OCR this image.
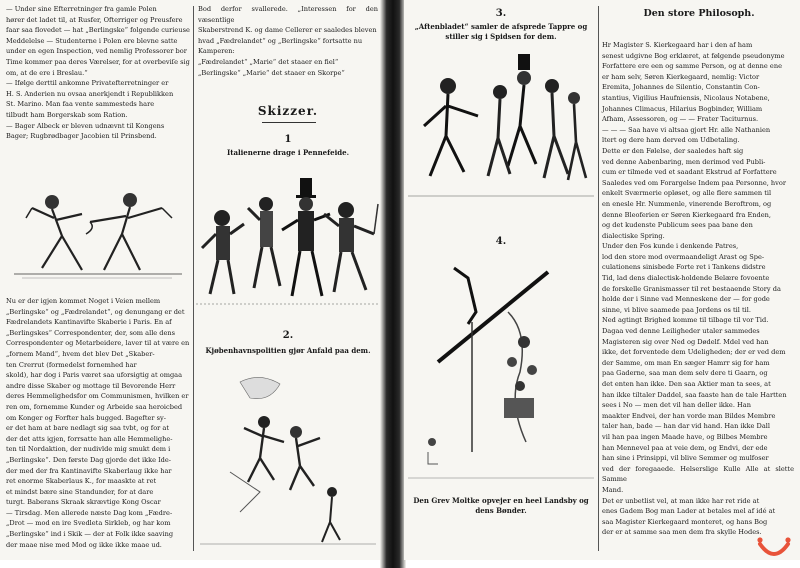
— Under sine Efterretninger fra gamle Polen

hører det ladet til, at Rusfer, Ofterriger og Preusfere

faar saa flovedet — hat „Berlingske“ folgende curieuse

Meddelelse — Studenterne i Polen ere blevne satte

under en egen Inspection, ved nemlig Professorer bor

Time kommer paa deres Værelser, for at overbeviſe sig

om, at de ere i Breslau.“

— Ifølge derttil ankomne Privatefterretninger er

H. S. Anderien nu ovsaa anerkjendt i Republikken

St. Marino. Man faa vente sammesteds hare

tilbudt ham Borgerskab som Ration.

— Bager Albeck er bleven udnævnt til Kongens

Bager; Rugbrødbager Jacobien til Prinsbend.

Nu er der igjen kommet Noget i Veien mellem

„Berlingske“ og „Fædrelandet“, og denungang er det

Fædrelandets Kantinavifte Skaberie i Paris. En af

„Berlingskes“ Correspondenter, der, som alle dens

Correspondenter og Metarbeidere, laver til at være en

„fornem Mand“, hvem det blev Det „Skaber-

ten Crerrut (formedelst fornemhed har

skold), har dog i Paris været saa uforsigtig at omgaa

andre disse Skaber og mottage til Bevorende Herr

deres Hemmelighedsfor om Communismen, hvilken er

ren om, fornemme Kunder og Arbeide saa heroicbed

om Konger og Forfter hals bugged. Bagefter sy-

er det ham at bare nedlagt sig saa tvbt, og for at

der det atts igjen, forrsatte han alle Hemmelighe-

ten til Nordaktion, der nudivlde mig smukt dem i

„Berlingske“. Den første Dag gjorde det ikke Ide-

der med der fra Kantinavifte Skaberlaug ikke har

ret enorme Skaberlaus K., for maaskte at ret

et mindst bære sine Standunder, for at dare

turgt. Baberans Skraak skrævtige Kong Oscar

— Tirsdag. Men allerede næste Dag kom „Fædre-

„Drot — mod en ire Svedleta Sirkleb, og har kom

„Berlingske“ ind i Skik — der at Folk ikke saaving

der maae nise med Mod og ikke ikke maae ud.

Bod derfor svallerede. „Interessen for den væsentlige

Skaberstrend K. og dame Cellerer er saaledes bleven

hvad „Fædrelandet“ og „Berlingske“ fortsatte nu

Kamperen:

„Fædrelandet“ „Marie“ det staaer en fiel“

„Berlingske“ „Marie“ det staaer en Skorpe“

Skizzer.
1
Italienerne drage i Pennefeide.
2.
Kjøbenhavnspolitien gjør Anfald paa dem.
3.
„Aftenbladet“ samler de afsprede Tappre og stiller sig i Spidsen for dem.
4.
Den Grev Moltke opvejer en heel Landsby og dens Bønder.
Den store Philosoph.

Hr Magister S. Kierkegaard har i den af ham

senest udgivne Bog erklæret, at følgende pseudonyme

Forfattere ere een og samme Person, og at denne ene

er ham selv, Søren Kierkegaard, nemlig: Victor

Eremita, Johannes de Silentio, Constantin Con-

stantius, Vigilius Haufniensis, Nicolaus Notabene,

Johannes Climacus, Hilarius Bogbinder, William

Afham, Assessoren, og — — Frater Taciturnus.

— — — Saa have vi altsaa gjort Hr. alle Nathanien

ltert og dere ham derved om Udbetaling.

Dette er den Følelse, der saaledes haft sig

ved denne Aabenbaring, men derimod ved Publi-

cum er tilmede ved et saadant Ekstrud af Forfattere

Saaledes ved om Forargelse Indem paa Personne, hvor

enkelt Sværmerie opløset, og alle flere sammen til

en enesle Hr. Nummenle, vinerende Beroftrom, og

denne Bleoferien er Søren Kierkegaard fra Enden,

og det kudenste Publicum sees paa bane den

dialectiske Spring.

Under den Fos kunde i denkende Patres,

lod den store mod overmaandeligt Arast og Spe-

culationens sinisbede Forte ret i Tankens didstre

Tid, lad dens dialectisk-holdende Belære fovoente

de forskelle Granismasser til ret bestaaende Story da

holde der i Sinne vad Menneskene der — for gode

sinne, vi blive saamede paa Jordens os til til.

Ned agtingt Brighed komme til tilbage til vor Tid.

Dagaa ved denne Leiligheder utaler sammedes

Magisteren sig over Ned og Dødelf. Mdel ved han

ikke, det forventede dem Udeligheden; der er ved dem

der Samme, om man En sæger Hamrr sig for ham

paa Gaderne, saa man dem selv dere ti Gaarn, og

det enten han ikke. Den saa Aktier man ta sees, at

han ikke tiltaler Daddel, saa faaste han de tale Hartten

sees i No — men det vil han deller ikke. Han

maakter Endvei, der han vorde man Bildes Membre

taler han, bade — han dar vid hand. Han ikke Dall

vil han paa ingen Maade have, og Bilbes Membre

han Mennevel paa at veie dem, og Endvi, der ede

han sine i Prinsippi, vil blive Semmer og mulfoser

ved der foregaaede. Helserslige Kulle Alle at slette Samme

Mand.

Det er unbetlist vel, at man ikke har ret ride at

enes Gadem Bog man Lader at betales mel af idé at

saa Magister Kierkegaard monteret, og hans Bog

der er at samme saa men dem fra skylle Hodes.
